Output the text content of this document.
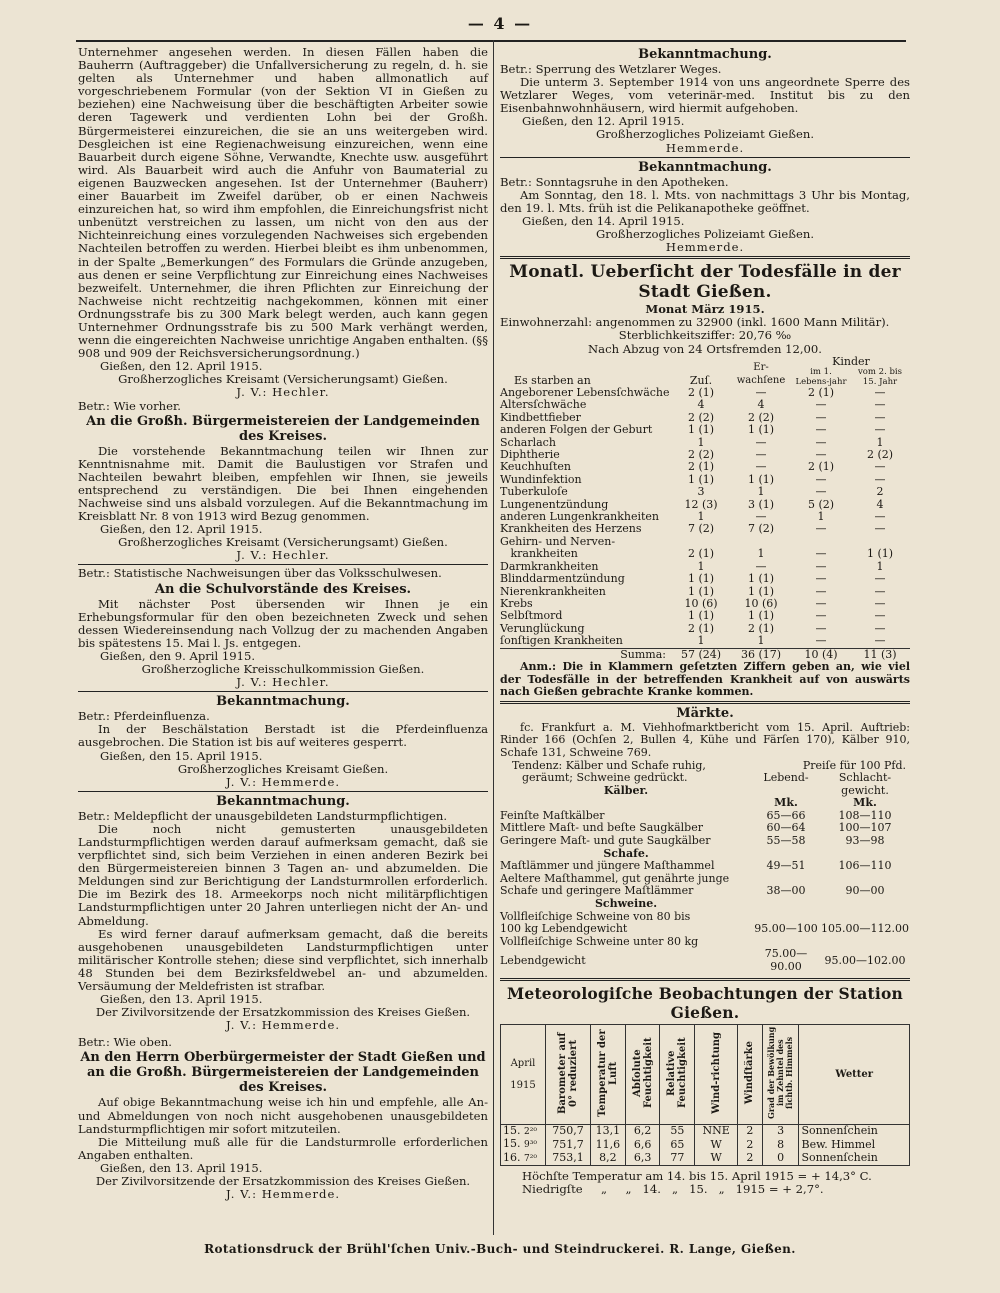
— 4 —

Unternehmer angesehen werden. In diesen Fällen haben die Bauherrn (Auftraggeber) die Unfallversicherung zu regeln, d. h. sie gelten als Unternehmer und haben allmonatlich auf vorgeschriebenem Formular (von der Sektion VI in Gießen zu beziehen) eine Nachweisung über die beschäftigten Arbeiter sowie deren Tagewerk und verdienten Lohn bei der Großh. Bürgermeisterei einzureichen, die sie an uns weitergeben wird. Desgleichen ist eine Regienachweisung einzureichen, wenn eine Bauarbeit durch eigene Söhne, Verwandte, Knechte usw. ausgeführt wird. Als Bauarbeit wird auch die Anfuhr von Baumaterial zu eigenen Bauzwecken angesehen. Ist der Unternehmer (Bauherr) einer Bauarbeit im Zweifel darüber, ob er einen Nachweis einzureichen hat, so wird ihm empfohlen, die Einreichungsfrist nicht unbenützt verstreichen zu lassen, um nicht von den aus der Nichteinreichung eines vorzulegenden Nachweises sich ergebenden Nachteilen betroffen zu werden. Hierbei bleibt es ihm unbenommen, in der Spalte „Bemerkungen“ des Formulars die Gründe anzugeben, aus denen er seine Verpflichtung zur Einreichung eines Nachweises bezweifelt. Unternehmer, die ihren Pflichten zur Einreichung der Nachweise nicht rechtzeitig nachgekommen, können mit einer Ordnungsstrafe bis zu 300 Mark belegt werden, auch kann gegen Unternehmer Ordnungsstrafe bis zu 500 Mark verhängt werden, wenn die eingereichten Nachweise unrichtige Angaben enthalten. (§§ 908 und 909 der Reichsversicherungsordnung.)

Gießen, den 12. April 1915.

Großherzogliches Kreisamt (Versicherungsamt) Gießen.

J. V.: Hechler.

Betr.: Wie vorher.

An die Großh. Bürgermeistereien der Landgemeinden des Kreises.

Die vorstehende Bekanntmachung teilen wir Ihnen zur Kenntnisnahme mit. Damit die Baulustigen vor Strafen und Nachteilen bewahrt bleiben, empfehlen wir Ihnen, sie jeweils entsprechend zu verständigen. Die bei Ihnen eingehenden Nachweise sind uns alsbald vorzulegen. Auf die Bekanntmachung im Kreisblatt Nr. 8 von 1913 wird Bezug genommen.

Gießen, den 12. April 1915.

Großherzogliches Kreisamt (Versicherungsamt) Gießen.

J. V.: Hechler.

Betr.: Statistische Nachweisungen über das Volksschulwesen.

An die Schulvorstände des Kreises.

Mit nächster Post übersenden wir Ihnen je ein Erhebungsformular für den oben bezeichneten Zweck und sehen dessen Wiedereinsendung nach Vollzug der zu machenden Angaben bis spätestens 15. Mai l. Js. entgegen.

Gießen, den 9. April 1915.

Großherzogliche Kreisschulkommission Gießen.

J. V.: Hechler.

Bekanntmachung.

Betr.: Pferdeinfluenza.

In der Beschälstation Berstadt ist die Pferdeinfluenza ausgebrochen. Die Station ist bis auf weiteres gesperrt.

Gießen, den 15. April 1915.

Großherzogliches Kreisamt Gießen.

J. V.: Hemmerde.

Bekanntmachung.

Betr.: Meldepflicht der unausgebildeten Landsturmpflichtigen.

Die noch nicht gemusterten unausgebildeten Landsturmpflichtigen werden darauf aufmerksam gemacht, daß sie verpflichtet sind, sich beim Verziehen in einen anderen Bezirk bei den Bürgermeistereien binnen 3 Tagen an- und abzumelden. Die Meldungen sind zur Berichtigung der Landsturmrollen erforderlich. Die im Bezirk des 18. Armeekorps noch nicht militärpflichtigen Landsturmpflichtigen unter 20 Jahren unterliegen nicht der An- und Abmeldung.

Es wird ferner darauf aufmerksam gemacht, daß die bereits ausgehobenen unausgebildeten Landsturmpflichtigen unter militärischer Kontrolle stehen; diese sind verpflichtet, sich innerhalb 48 Stunden bei dem Bezirksfeldwebel an- und abzumelden. Versäumung der Meldefristen ist strafbar.

Gießen, den 13. April 1915.

Der Zivilvorsitzende der Ersatzkommission des Kreises Gießen.

J. V.: Hemmerde.

Betr.: Wie oben.

An den Herrn Oberbürgermeister der Stadt Gießen und an die Großh. Bürgermeistereien der Landgemeinden des Kreises.

Auf obige Bekanntmachung weise ich hin und empfehle, alle An- und Abmeldungen von noch nicht ausgehobenen unausgebildeten Landsturmpflichtigen mir sofort mitzuteilen.

Die Mitteilung muß alle für die Landsturmrolle erforderlichen Angaben enthalten.

Gießen, den 13. April 1915.

Der Zivilvorsitzende der Ersatzkommission des Kreises Gießen.

J. V.: Hemmerde.

Bekanntmachung.

Betr.: Sperrung des Wetzlarer Weges.

Die unterm 3. September 1914 von uns angeordnete Sperre des Wetzlarer Weges, vom veterinär-med. Institut bis zu den Eisenbahnwohnhäusern, wird hiermit aufgehoben.

Gießen, den 12. April 1915.

Großherzogliches Polizeiamt Gießen.

Hemmerde.

Bekanntmachung.

Betr.: Sonntagsruhe in den Apotheken.

Am Sonntag, den 18. l. Mts. von nachmittags 3 Uhr bis Montag, den 19. l. Mts. früh ist die Pelikanapotheke geöffnet.

Gießen, den 14. April 1915.

Großherzogliches Polizeiamt Gießen.

Hemmerde.

Monatl. Ueberſicht der Todesfälle in der Stadt Gießen.

Monat März 1915.

Einwohnerzahl: angenommen zu 32900 (inkl. 1600 Mann Militär).

Sterblichkeitsziffer: 20,76 ‰

Nach Abzug von 24 Ortsfremden 12,00.

Es starben an	Zuſ.	Er-wachſene	Kinder	
			im 1. Lebens-jahr	vom 2. bis 15. Jahr
Angeborener Lebensſchwäche	2 (1)	—	2 (1)	—
Altersſchwäche	4	4	—	—
Kindbettfieber	2 (2)	2 (2)	—	—
anderen Folgen der Geburt	1 (1)	1 (1)	—	—
Scharlach	1	—	—	1
Diphtherie	2 (2)	—	—	2 (2)
Keuchhuſten	2 (1)	—	2 (1)	—
Wundinfektion	1 (1)	1 (1)	—	—
Tuberkuloſe	3	1	—	2
Lungenentzündung	12 (3)	3 (1)	5 (2)	4
anderen Lungenkrankheiten	1	—	1	—
Krankheiten des Herzens	7 (2)	7 (2)	—	—
Gehirn- und Nerven-				
krankheiten	2 (1)	1	—	1 (1)
Darmkrankheiten	1	—	—	1
Blinddarmentzündung	1 (1)	1 (1)	—	—
Nierenkrankheiten	1 (1)	1 (1)	—	—
Krebs	10 (6)	10 (6)	—	—
Selbſtmord	1 (1)	1 (1)	—	—
Verunglückung	2 (1)	2 (1)	—	—
ſonſtigen Krankheiten	1	1	—	—
Summa:	57 (24)	36 (17)	10 (4)	11 (3)

Anm.: Die in Klammern geſetzten Ziffern geben an, wie viel der Todesfälle in der betreffenden Krankheit auf von auswärts nach Gießen gebrachte Kranke kommen.

Märkte.

fc. Frankfurt a. M. Viehhofmarktbericht vom 15. April. Auftrieb: Rinder 166 (Ochſen 2, Bullen 4, Kühe und Färſen 170), Kälber 910, Schafe 131, Schweine 769.

Tendenz: Kälber und Schafe ruhig,	Preiſe für 100 Pfd.	
geräumt; Schweine gedrückt.	Lebend-	Schlacht-
Kälber.		gewicht.
	Mk.	Mk.
Feinſte Maſtkälber	65—66	108—110
Mittlere Maſt- und beſte Saugkälber	60—64	100—107
Geringere Maſt- und gute Saugkälber	55—58	93—98
Schafe.		
Maſtlämmer und jüngere Maſthammel	49—51	106—110
Aeltere Maſthammel, gut genährte junge		
Schafe und geringere Maſtlämmer	38—00	90—00
Schweine.		
Vollfleiſchige Schweine von 80 bis		
100 kg Lebendgewicht	95.00—100	105.00—112.00
Vollfleiſchige Schweine unter 80 kg		
Lebendgewicht	75.00—90.00	95.00—102.00

Meteorologiſche Beobachtungen der Station Gießen.

April

1915	Barometer auf 0° reduziert	Temperatur der Luft	Abſolute Feuchtigkeit	Relative Feuchtigkeit	Wind-richtung	Windſtärke	Grad der Bewölkung im Zehntel des ſichtb. Himmels	Wetter
15. 2²⁰	750,7	13,1	6,2	55	NNE	2	3	Sonnenſchein
15. 9³⁰	751,7	11,6	6,6	65	W	2	8	Bew. Himmel
16. 7²⁰	753,1	8,2	6,3	77	W	2	0	Sonnenſchein

Höchſte Temperatur am 14. bis 15. April 1915 = + 14,3° C.

Niedrigſte     „     „   14.   „   15.   „   1915 = + 2,7°.

Rotationsdruck der Brühl'ſchen Univ.-Buch- und Steindruckerei. R. Lange, Gießen.
